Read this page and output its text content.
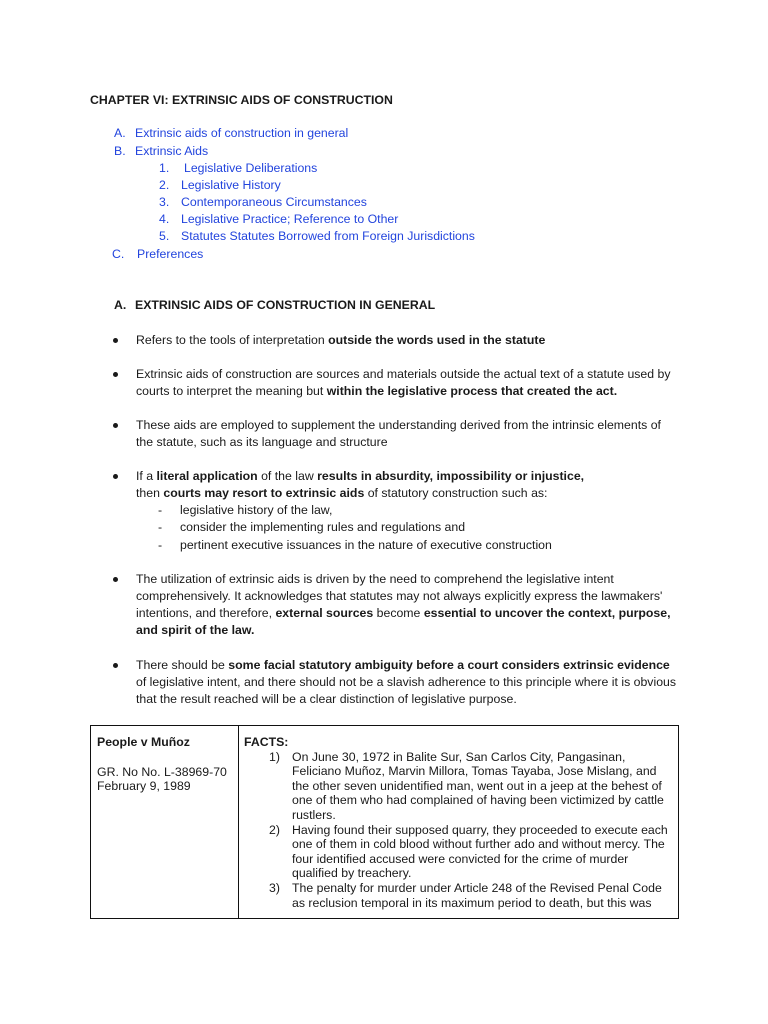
CHAPTER VI: EXTRINSIC AIDS OF CONSTRUCTION
A. Extrinsic aids of construction in general
B. Extrinsic Aids
1. Legislative Deliberations
2. Legislative History
3. Contemporaneous Circumstances
4. Legislative Practice; Reference to Other
5. Statutes Statutes Borrowed from Foreign Jurisdictions
C. Preferences
A. EXTRINSIC AIDS OF CONSTRUCTION IN GENERAL
Refers to the tools of interpretation outside the words used in the statute
Extrinsic aids of construction are sources and materials outside the actual text of a statute used by courts to interpret the meaning but within the legislative process that created the act.
These aids are employed to supplement the understanding derived from the intrinsic elements of the statute, such as its language and structure
If a literal application of the law results in absurdity, impossibility or injustice,
then courts may resort to extrinsic aids of statutory construction such as:
- legislative history of the law,
- consider the implementing rules and regulations and
- pertinent executive issuances in the nature of executive construction
The utilization of extrinsic aids is driven by the need to comprehend the legislative intent comprehensively. It acknowledges that statutes may not always explicitly express the lawmakers' intentions, and therefore, external sources become essential to uncover the context, purpose, and spirit of the law.
There should be some facial statutory ambiguity before a court considers extrinsic evidence of legislative intent, and there should not be a slavish adherence to this principle where it is obvious that the result reached will be a clear distinction of legislative purpose.
People v Muñoz
GR. No No. L-38969-70
February 9, 1989

FACTS:
1) On June 30, 1972 in Balite Sur, San Carlos City, Pangasinan, Feliciano Muñoz, Marvin Millora, Tomas Tayaba, Jose Mislang, and the other seven unidentified man, went out in a jeep at the behest of one of them who had complained of having been victimized by cattle rustlers.
2) Having found their supposed quarry, they proceeded to execute each one of them in cold blood without further ado and without mercy. The four identified accused were convicted for the crime of murder qualified by treachery.
3) The penalty for murder under Article 248 of the Revised Penal Code as reclusion temporal in its maximum period to death, but this was
